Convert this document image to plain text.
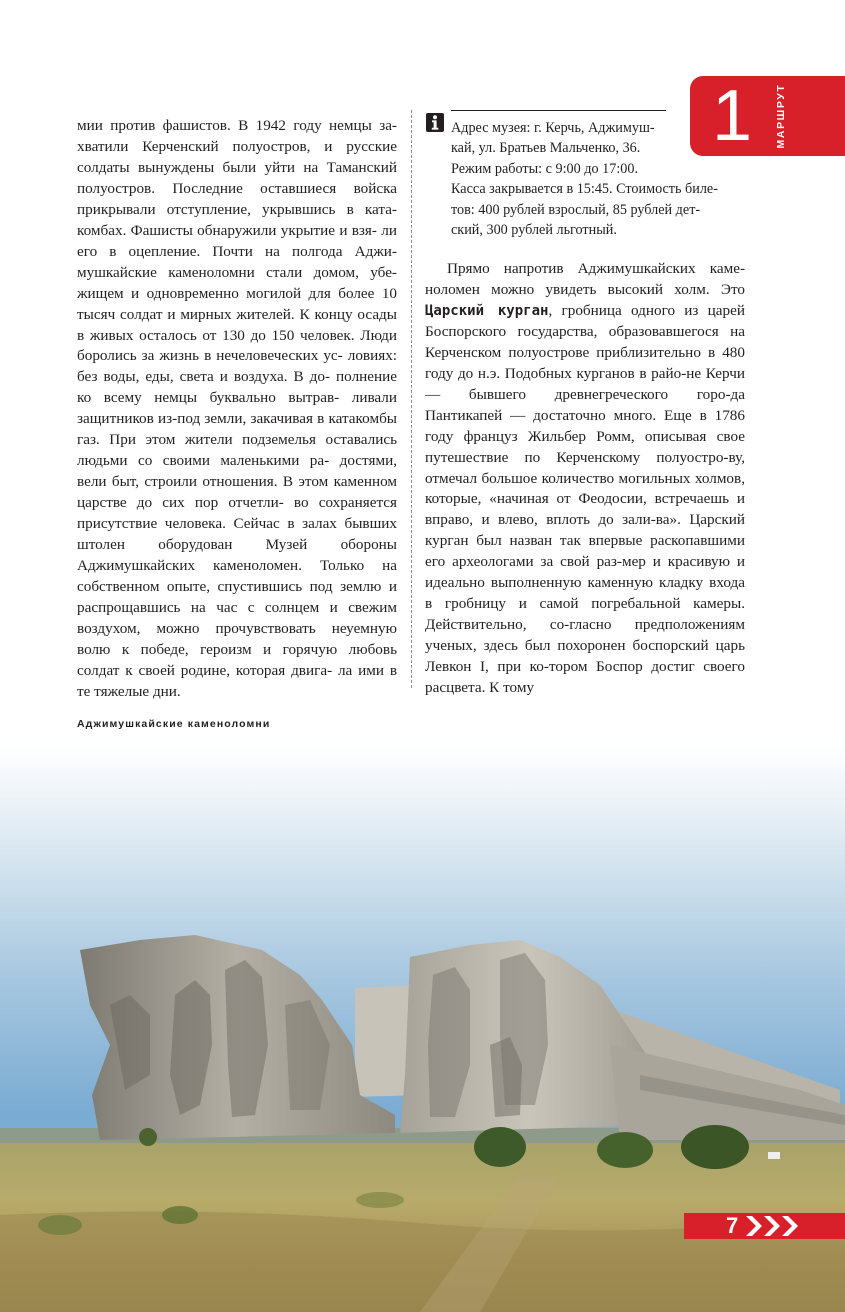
мии против фашистов. В 1942 году немцы за- хватили Керченский полуостров, и русские солдаты вынуждены были уйти на Таманский полуостров. Последние оставшиеся войска прикрывали отступление, укрывшись в ката- комбах. Фашисты обнаружили укрытие и взя- ли его в оцепление. Почти на полгода Аджи- мушкайские каменоломни стали домом, убе- жищем и одновременно могилой для более 10 тысяч солдат и мирных жителей. К концу осады в живых осталось от 130 до 150 человек. Люди боролись за жизнь в нечеловеческих ус- ловиях: без воды, еды, света и воздуха. В до- полнение ко всему немцы буквально вытрав- ливали защитников из-под земли, закачивая в катакомбы газ. При этом жители подземелья оставались людьми со своими маленькими ра- достями, вели быт, строили отношения. В этом каменном царстве до сих пор отчетли- во сохраняется присутствие человека. Сейчас в залах бывших штолен оборудован Музей обороны Аджимушкайских каменоломен. Только на собственном опыте, спустившись под землю и распрощавшись на час с солнцем и свежим воздухом, можно прочувствовать неуемную волю к победе, героизм и горячую любовь солдат к своей родине, которая двига- ла ими в те тяжелые дни.

Адрес музея: г. Керчь, Аджимуш-
кай, ул. Братьев Мальченко, 36.
Режим работы: с 9:00 до 17:00.
Касса закрывается в 15:45. Стоимость биле-
тов: 400 рублей взрослый, 85 рублей дет-
ский, 300 рублей льготный.

Прямо напротив Аджимушкайских каме-ноломен можно увидеть высокий холм. Это Царский курган, гробница одного из царей Боспорского государства, образовавшегося на Керченском полуострове приблизительно в 480 году до н.э. Подобных курганов в райо-не Керчи — бывшего древнегреческого горо-да Пантикапей — достаточно много. Еще в 1786 году француз Жильбер Ромм, описывая свое путешествие по Керченскому полуостро-ву, отмечал большое количество могильных холмов, которые, «начиная от Феодосии, встречаешь и вправо, и влево, вплоть до зали-ва». Царский курган был назван так впервые раскопавшими его археологами за свой раз-мер и красивую и идеально выполненную каменную кладку входа в гробницу и самой погребальной камеры. Действительно, со-гласно предположениям ученых, здесь был похоронен боспорский царь Левкон I, при ко-тором Боспор достиг своего расцвета. К тому

1 МАРШРУТ
Аджимушкайские каменоломни
7
